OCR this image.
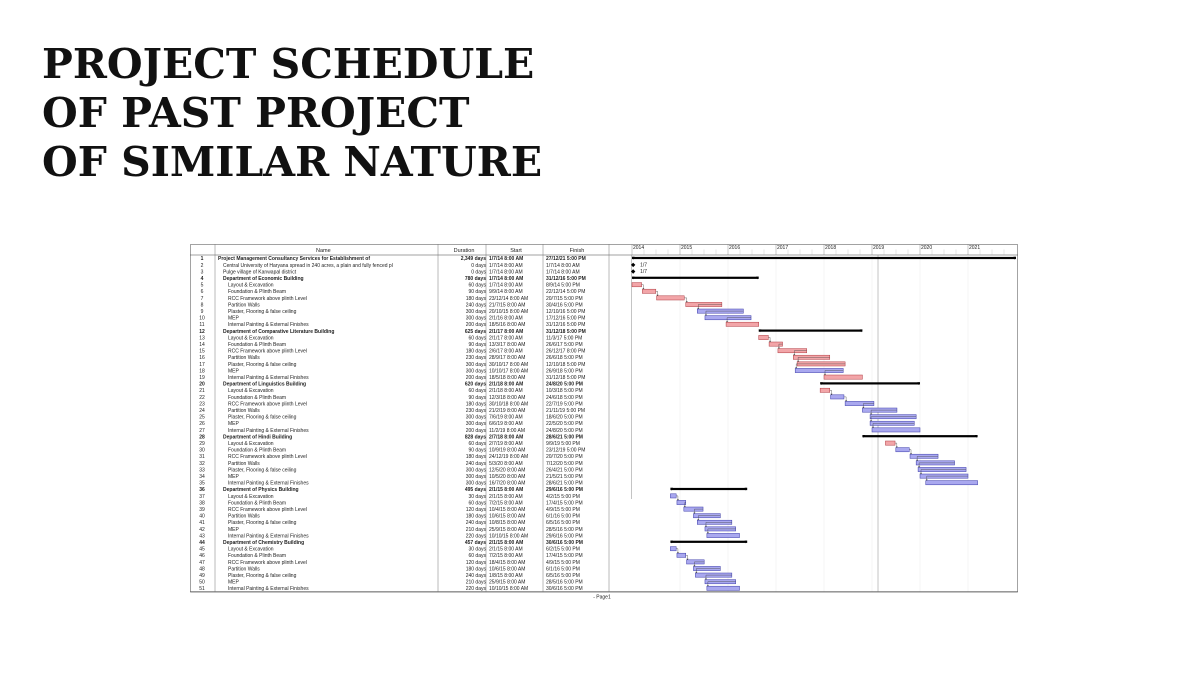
PROJECT SCHEDULE
OF PAST PROJECT
OF SIMILAR NATURE
Name	Duration	Start	Finish
2014	2015	2016	2017	2018	2019	2020	2021
1	Project Management Consultancy Services for Establishment of	2,349 days 1/7/14 8:00 AM	27/12/21 5:00 PM
2	Central University of Haryana spread in 240 acres, a plain and fully fenced pl	0 days 1/7/14 8:00 AM	1/7/14 8:00 AM	1/7
3	Pulge village of Kanwapal district	0 days 1/7/14 8:00 AM	1/7/14 8:00 AM	1/7
4	Department of Economic Building	780 days 1/7/14 8:00 AM	31/12/16 5:00 PM
5	Layout & Excavation	60 days 1/7/14 8:00 AM	8/9/14 5:00 PM
6	Foundation & Plinth Beam	90 days 9/9/14 8:00 AM	22/12/14 5:00 PM
7	RCC Framework above plinth Level	180 days 23/12/14 8:00 AM	20/7/15 5:00 PM
8	Partition Walls	240 days 21/7/15 8:00 AM	30/4/16 5:00 PM
9	Plaster, Flooring & false ceiling	300 days 20/10/15 8:00 AM	12/10/16 5:00 PM
10	MEP	300 days 2/1/16 8:00 AM	17/12/16 5:00 PM
11	Internal Painting & External Finishes	200 days 18/5/16 8:00 AM	31/12/16 5:00 PM
12	Department of Comparative Literature Building	625 days 2/1/17 8:00 AM	31/12/18 5:00 PM
13	Layout & Excavation	60 days 2/1/17 8:00 AM	11/3/17 5:00 PM
14	Foundation & Plinth Beam	90 days 13/3/17 8:00 AM	26/6/17 5:00 PM
15	RCC Framework above plinth Level	180 days 2/6/17 8:00 AM	26/12/17 8:00 PM
16	Partition Walls	230 days 28/9/17 8:00 AM	26/6/18 5:00 PM
17	Plaster, Flooring & false ceiling	300 days 30/10/17 8:00 AM	12/10/18 5:00 PM
18	MEP	300 days 10/10/17 8:00 AM	26/9/18 5:00 PM
19	Internal Painting & External Finishes	200 days 18/5/18 8:00 AM	31/12/18 5:00 PM
20	Department of Linguistics Building	620 days 2/1/18 8:00 AM	24/8/20 5:00 PM
21	Layout & Excavation	60 days 2/1/18 8:00 AM	10/3/18 5:00 PM
22	Foundation & Plinth Beam	90 days 12/3/18 8:00 AM	24/6/18 5:00 PM
23	RCC Framework above plinth Level	180 days 30/10/18 8:00 AM	22/7/19 5:00 PM
24	Partition Walls	230 days 21/2/19 8:00 AM	21/11/19 5:00 PM
25	Plaster, Flooring & false ceiling	300 days 7/6/19 8:00 AM	18/6/20 5:00 PM
26	MEP	300 days 6/6/19 8:00 AM	22/5/20 5:00 PM
27	Internal Painting & External Finishes	200 days 11/2/19 8:00 AM	24/8/20 5:00 PM
28	Department of Hindi Building	828 days 2/7/18 8:00 AM	28/6/21 5:00 PM
29	Layout & Excavation	60 days 2/7/19 8:00 AM	9/9/19 5:00 PM
30	Foundation & Plinth Beam	90 days 10/9/19 8:00 AM	23/12/19 5:00 PM
31	RCC Framework above plinth Level	180 days 24/12/19 8:00 AM	20/7/20 5:00 PM
32	Partition Walls	240 days 5/3/20 8:00 AM	7/12/20 5:00 PM
33	Plaster, Flooring & false ceiling	300 days 12/5/20 8:00 AM	26/4/21 5:00 PM
34	MEP	300 days 10/5/20 8:00 AM	21/5/21 5:00 PM
35	Internal Painting & External Finishes	300 days 16/7/20 8:00 AM	28/6/21 5:00 PM
36	Department of Physics Building	495 days 2/1/15 8:00 AM	29/6/16 5:00 PM
37	Layout & Excavation	30 days 2/1/15 8:00 AM	4/2/15 5:00 PM
38	Foundation & Plinth Beam	60 days 7/2/15 8:00 AM	17/4/15 5:00 PM
39	RCC Framework above plinth Level	120 days 10/4/15 8:00 AM	4/9/15 5:00 PM
40	Partition Walls	180 days 10/6/15 8:00 AM	6/1/16 5:00 PM
41	Plaster, Flooring & false ceiling	240 days 10/8/15 8:00 AM	6/5/16 5:00 PM
42	MEP	210 days 25/9/15 8:00 AM	28/5/16 5:00 PM
43	Internal Painting & External Finishes	220 days 10/10/15 8:00 AM	29/6/16 5:00 PM
44	Department of Chemistry Building	457 days 2/1/15 8:00 AM	30/6/16 5:00 PM
45	Layout & Excavation	30 days 2/1/15 8:00 AM	6/2/15 5:00 PM
46	Foundation & Plinth Beam	60 days 7/2/15 8:00 AM	17/4/15 5:00 PM
47	RCC Framework above plinth Level	120 days 18/4/15 8:00 AM	4/9/15 5:00 PM
48	Partition Walls	180 days 10/6/15 8:00 AM	6/1/16 5:00 PM
49	Plaster, Flooring & false ceiling	240 days 1/8/15 8:00 AM	6/5/16 5:00 PM
50	MEP	210 days 25/9/15 8:00 AM	28/5/16 5:00 PM
51	Internal Painting & External Finishes	220 days 10/10/15 8:00 AM	30/6/16 5:00 PM
- Page1
